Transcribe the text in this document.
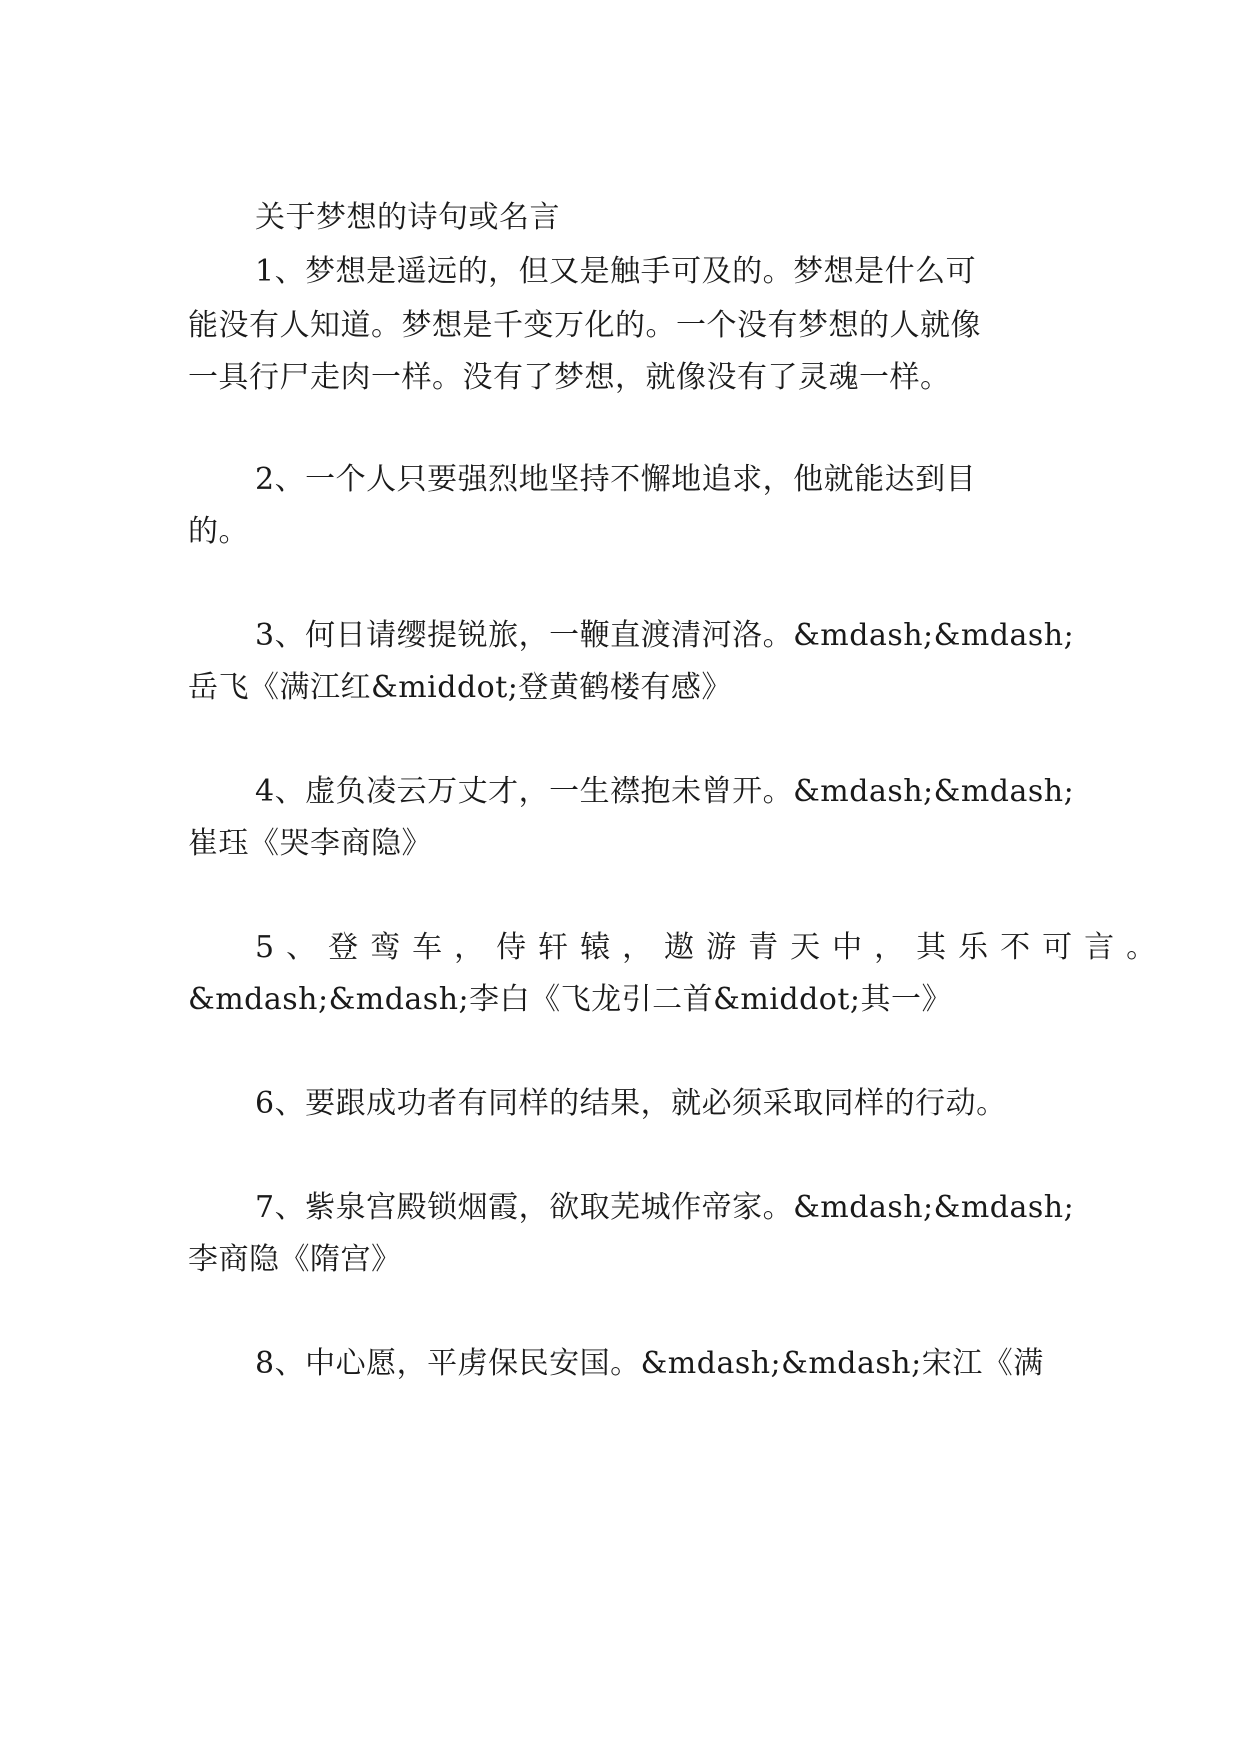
关于梦想的诗句或名言
1、梦想是遥远的，但又是触手可及的。梦想是什么可
能没有人知道。梦想是千变万化的。一个没有梦想的人就像
一具行尸走肉一样。没有了梦想，就像没有了灵魂一样。
2、一个人只要强烈地坚持不懈地追求，他就能达到目
的。
3、何日请缨提锐旅，一鞭直渡清河洛。&mdash;&mdash;
岳飞《满江红&middot;登黄鹤楼有感》
4、虚负凌云万丈才，一生襟抱未曾开。&mdash;&mdash;
崔珏《哭李商隐》
5、登鸾车，侍轩辕，遨游青天中，其乐不可言。
&mdash;&mdash;李白《飞龙引二首&middot;其一》
6、要跟成功者有同样的结果，就必须采取同样的行动。
7、紫泉宫殿锁烟霞，欲取芜城作帝家。&mdash;&mdash;
李商隐《隋宫》
8、中心愿，平虏保民安国。&mdash;&mdash;宋江《满
